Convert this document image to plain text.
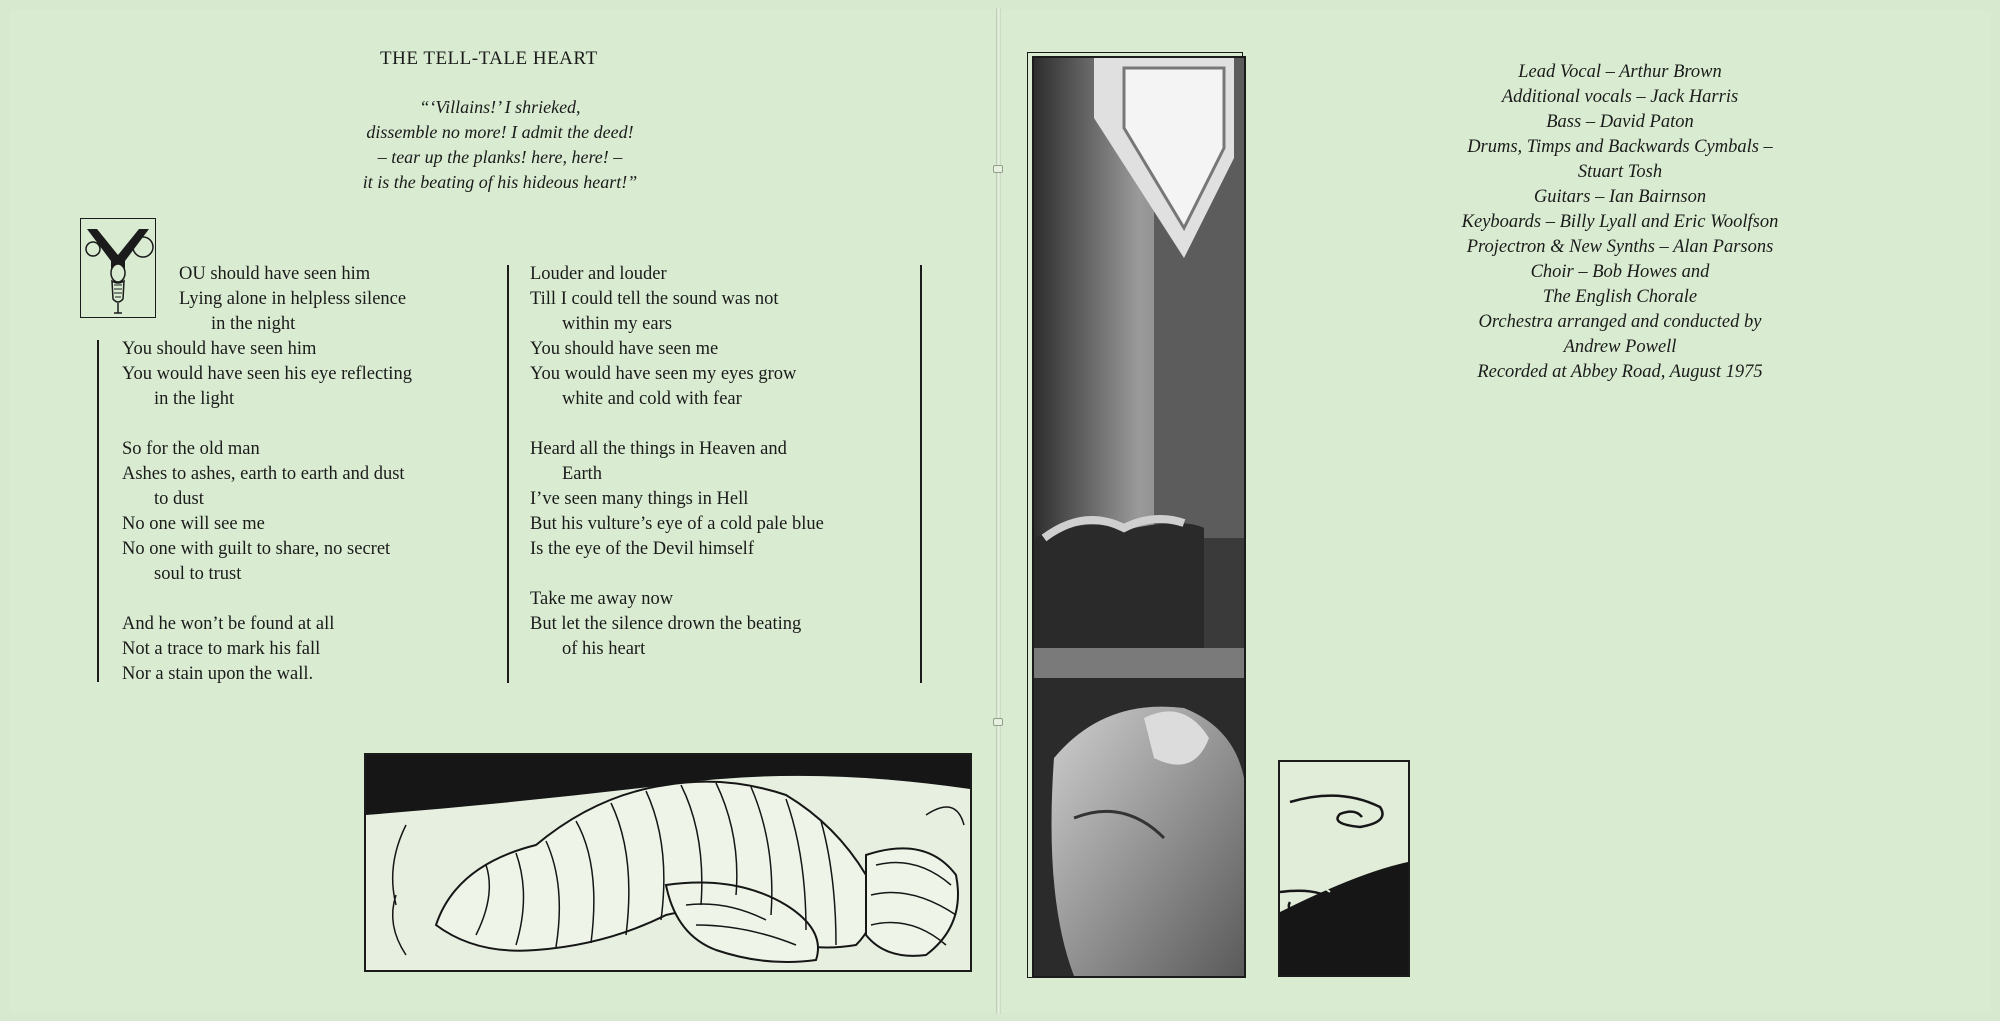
THE TELL-TALE HEART
“‘Villains!’ I shrieked,
dissemble no more! I admit the deed!
– tear up the planks! here, here! –
it is the beating of his hideous heart!”
OU should have seen him
Lying alone in helpless silence
in the night
You should have seen him
You would have seen his eye reflecting
in the light
So for the old man
Ashes to ashes, earth to earth and dust
to dust
No one will see me
No one with guilt to share, no secret
soul to trust
And he won’t be found at all
Not a trace to mark his fall
Nor a stain upon the wall.
Louder and louder
Till I could tell the sound was not
within my ears
You should have seen me
You would have seen my eyes grow
white and cold with fear
Heard all the things in Heaven and
Earth
I’ve seen many things in Hell
But his vulture’s eye of a cold pale blue
Is the eye of the Devil himself
Take me away now
But let the silence drown the beating
of his heart
Lead Vocal – Arthur Brown
Additional vocals – Jack Harris
Bass – David Paton
Drums, Timps and Backwards Cymbals –
Stuart Tosh
Guitars – Ian Bairnson
Keyboards – Billy Lyall and Eric Woolfson
Projectron & New Synths – Alan Parsons
Choir – Bob Howes and
The English Chorale
Orchestra arranged and conducted by
Andrew Powell
Recorded at Abbey Road, August 1975
